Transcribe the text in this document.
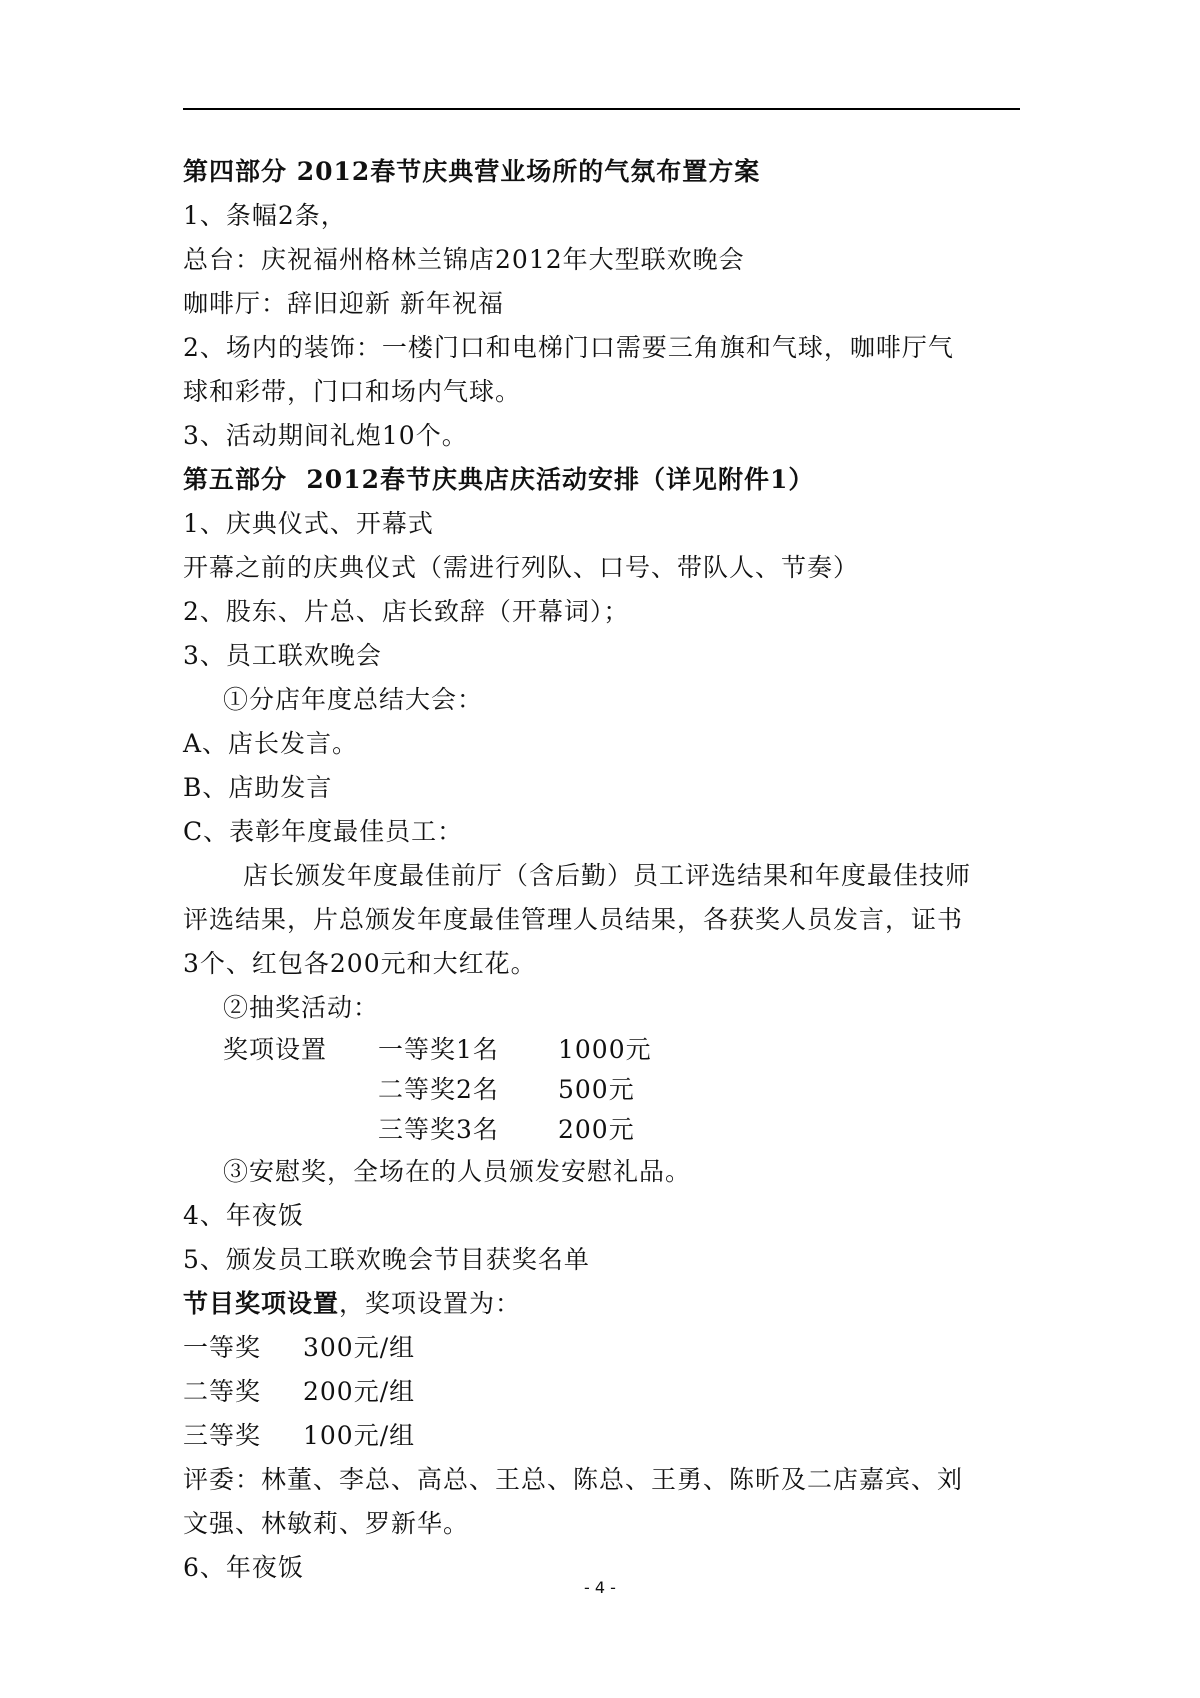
第四部分 2012春节庆典营业场所的气氛布置方案
1、条幅2条，
总台：庆祝福州格林兰锦店2012年大型联欢晚会
咖啡厅：辞旧迎新 新年祝福
2、场内的装饰：一楼门口和电梯门口需要三角旗和气球，咖啡厅气
球和彩带，门口和场内气球。
3、活动期间礼炮10个。
第五部分  2012春节庆典店庆活动安排（详见附件1）
1、庆典仪式、开幕式
开幕之前的庆典仪式（需进行列队、口号、带队人、节奏）
2、股东、片总、店长致辞（开幕词）；
3、员工联欢晚会
①分店年度总结大会：
A、店长发言。
B、店助发言
C、表彰年度最佳员工：
店长颁发年度最佳前厅（含后勤）员工评选结果和年度最佳技师
评选结果，片总颁发年度最佳管理人员结果，各获奖人员发言，证书
3个、红包各200元和大红花。
②抽奖活动：
奖项设置	一等奖1名	1000元
二等奖2名	500元
三等奖3名	200元
③安慰奖，全场在的人员颁发安慰礼品。
4、年夜饭
5、颁发员工联欢晚会节目获奖名单
节目奖项设置，奖项设置为：
一等奖	300元/组
二等奖	200元/组
三等奖	100元/组
评委：林董、李总、高总、王总、陈总、王勇、陈昕及二店嘉宾、刘
文强、林敏莉、罗新华。
6、年夜饭
- 4 -
